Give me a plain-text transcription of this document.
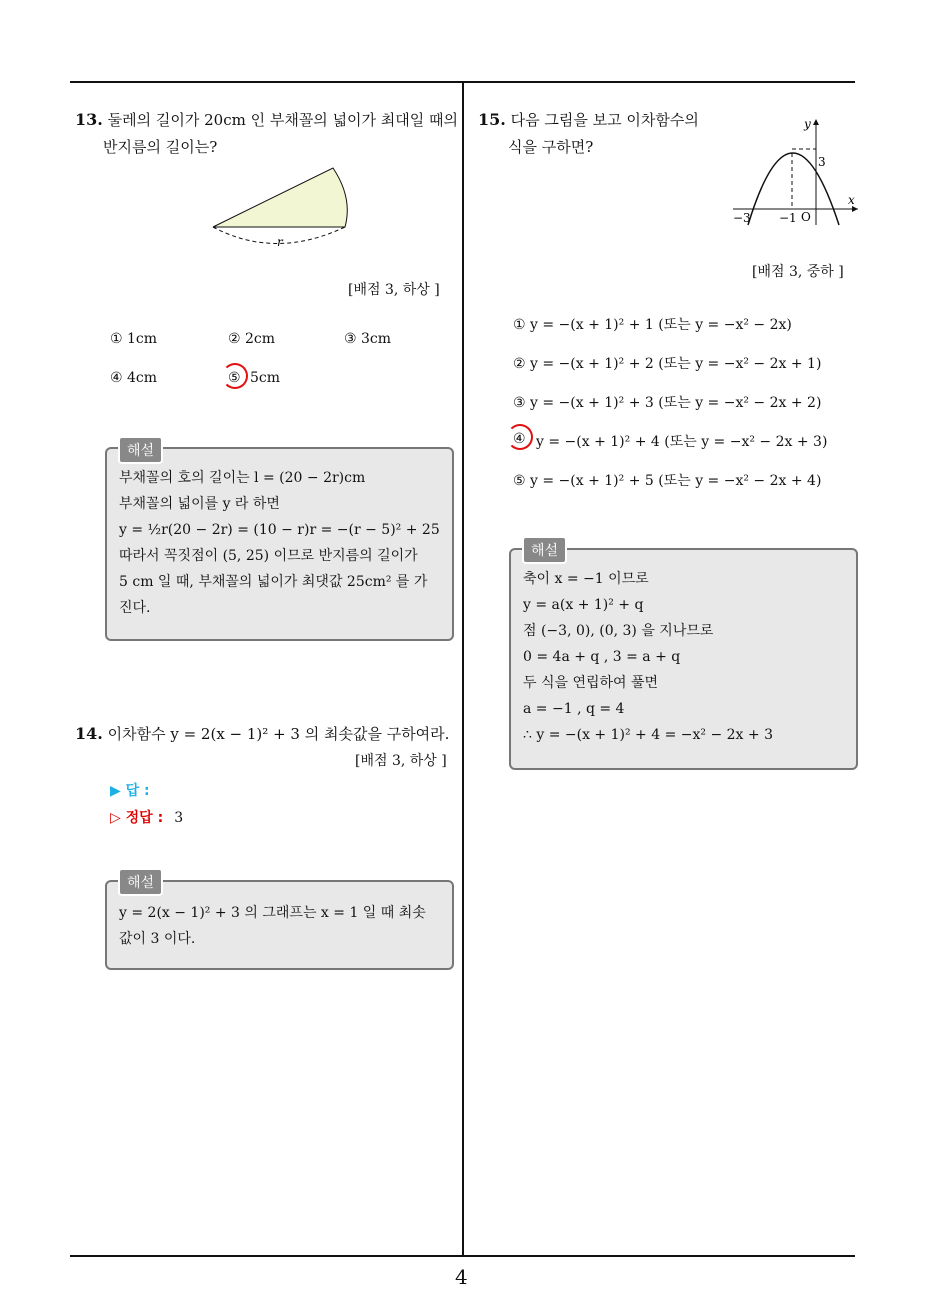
4
13. 둘레의 길이가 20cm 인 부채꼴의 넓이가 최대일 때의
반지름의 길이는?
r
[배점 3, 하상 ]
① 1cm	② 2cm	③ 3cm
④ 4cm	⑤ 5cm
부채꼴의 호의 길이는 l = (20 − 2r)cm
부채꼴의 넓이를 y 라 하면
y = ½r(20 − 2r) = (10 − r)r = −(r − 5)² + 25
따라서 꼭짓점이 (5, 25) 이므로 반지름의 길이가
5 cm 일 때, 부채꼴의 넓이가 최댓값 25cm² 를 가
진다.
해설
14. 이차함수 y = 2(x − 1)² + 3 의 최솟값을 구하여라.
[배점 3, 하상 ]
▶ 답 :
▷ 정답 : 3
y = 2(x − 1)² + 3 의 그래프는 x = 1 일 때 최솟
값이 3 이다.
해설
15. 다음 그림을 보고 이차함수의
식을 구하면?
y
x
3
−3 −1 O
[배점 3, 중하 ]
① y = −(x + 1)² + 1 (또는 y = −x² − 2x)
② y = −(x + 1)² + 2 (또는 y = −x² − 2x + 1)
③ y = −(x + 1)² + 3 (또는 y = −x² − 2x + 2)
④ y = −(x + 1)² + 4 (또는 y = −x² − 2x + 3)
⑤ y = −(x + 1)² + 5 (또는 y = −x² − 2x + 4)
축이 x = −1 이므로
y = a(x + 1)² + q
점 (−3, 0), (0, 3) 을 지나므로
0 = 4a + q , 3 = a + q
두 식을 연립하여 풀면
a = −1 , q = 4
∴ y = −(x + 1)² + 4 = −x² − 2x + 3
해설
